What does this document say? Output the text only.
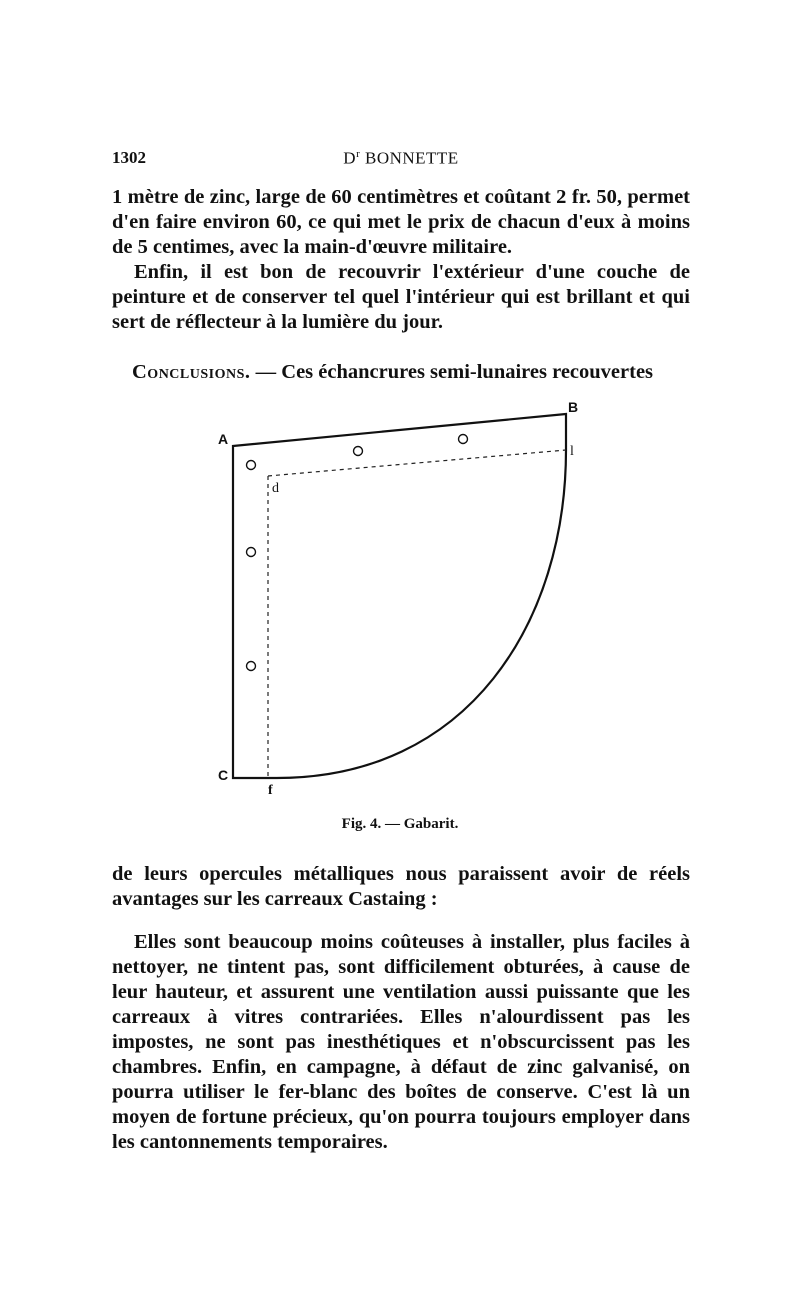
1302	$D^r$ BONNETTE

1 mètre de zinc, large de 60 centimètres et coûtant 2 fr. 50, permet d'en faire environ 60, ce qui met le prix de chacun d'eux à moins de 5 centimes, avec la main-d'œuvre militaire.

Enfin, il est bon de recouvrir l'extérieur d'une couche de peinture et de conserver tel quel l'intérieur qui est brillant et qui sert de réflecteur à la lumière du jour.

Conclusions. — Ces échancrures semi-lunaires recouvertes
A
B
C
l
d
f
Fig. 4. — Gabarit.

de leurs opercules métalliques nous paraissent avoir de réels avantages sur les carreaux Castaing :

Elles sont beaucoup moins coûteuses à installer, plus faciles à nettoyer, ne tintent pas, sont difficilement obturées, à cause de leur hauteur, et assurent une ventilation aussi puissante que les carreaux à vitres contrariées. Elles n'alourdissent pas les impostes, ne sont pas inesthétiques et n'obscurcissent pas les chambres. Enfin, en campagne, à défaut de zinc galvanisé, on pourra utiliser le fer-blanc des boîtes de conserve. C'est là un moyen de fortune précieux, qu'on pourra toujours employer dans les cantonnements temporaires.
